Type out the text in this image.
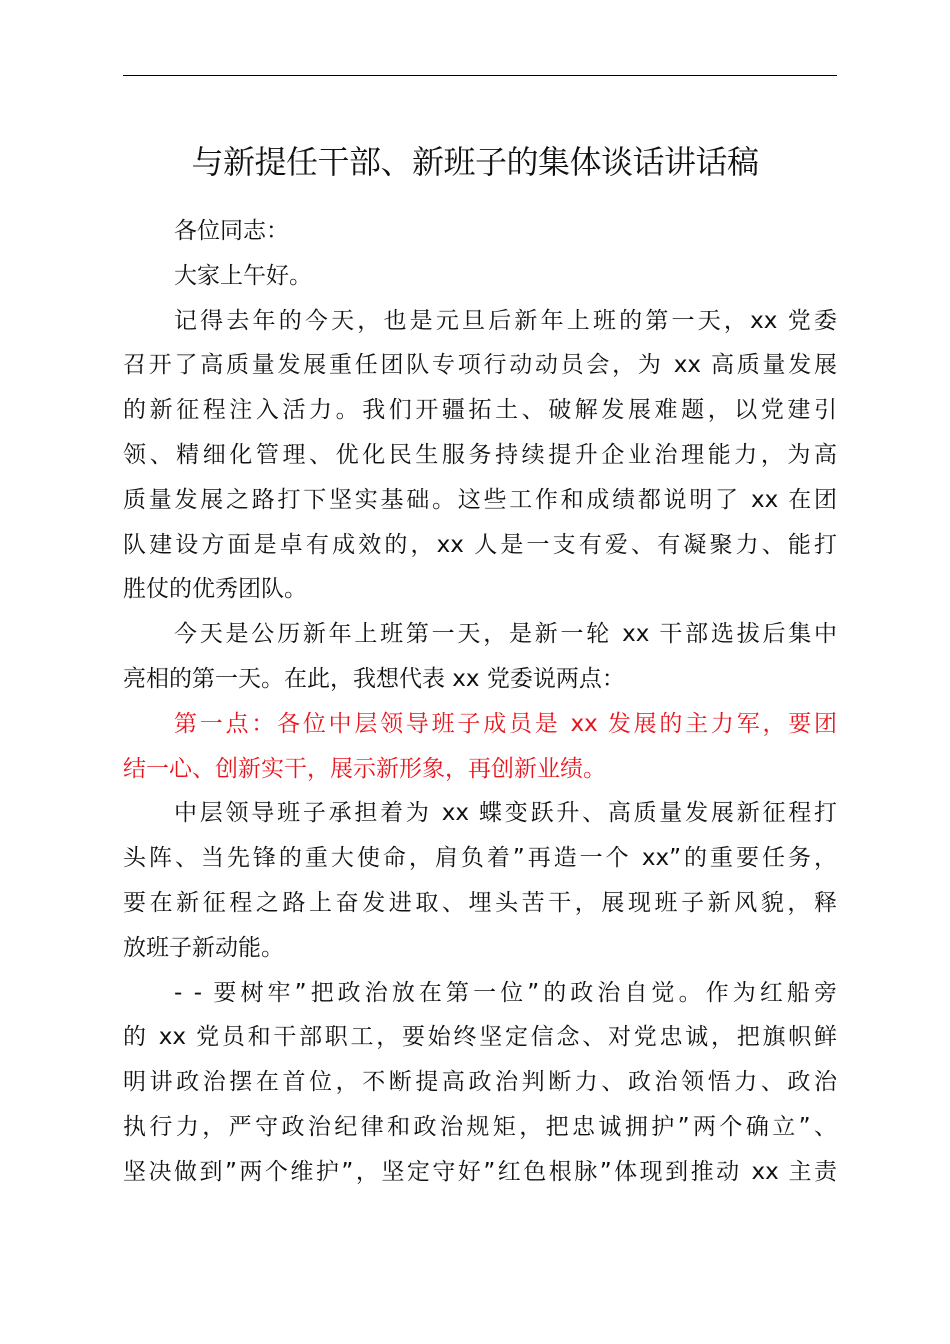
与新提任干部、新班子的集体谈话讲话稿
各位同志：
大家上午好。
记得去年的今天，也是元旦后新年上班的第一天，xx 党委
召开了高质量发展重任团队专项行动动员会，为 xx 高质量发展
的新征程注入活力。我们开疆拓土、破解发展难题，以党建引
领、精细化管理、优化民生服务持续提升企业治理能力，为高
质量发展之路打下坚实基础。这些工作和成绩都说明了 xx 在团
队建设方面是卓有成效的，xx 人是一支有爱、有凝聚力、能打
胜仗的优秀团队。
今天是公历新年上班第一天，是新一轮 xx 干部选拔后集中
亮相的第一天。在此，我想代表 xx 党委说两点：
第一点：各位中层领导班子成员是 xx 发展的主力军，要团
结一心、创新实干，展示新形象，再创新业绩。
中层领导班子承担着为 xx 蝶变跃升、高质量发展新征程打
头阵、当先锋的重大使命，肩负着”再造一个 xx”的重要任务，
要在新征程之路上奋发进取、埋头苦干，展现班子新风貌，释
放班子新动能。
- - 要树牢”把政治放在第一位”的政治自觉。作为红船旁
的 xx 党员和干部职工，要始终坚定信念、对党忠诚，把旗帜鲜
明讲政治摆在首位，不断提高政治判断力、政治领悟力、政治
执行力，严守政治纪律和政治规矩，把忠诚拥护”两个确立”、
坚决做到”两个维护”，坚定守好”红色根脉”体现到推动 xx 主责
